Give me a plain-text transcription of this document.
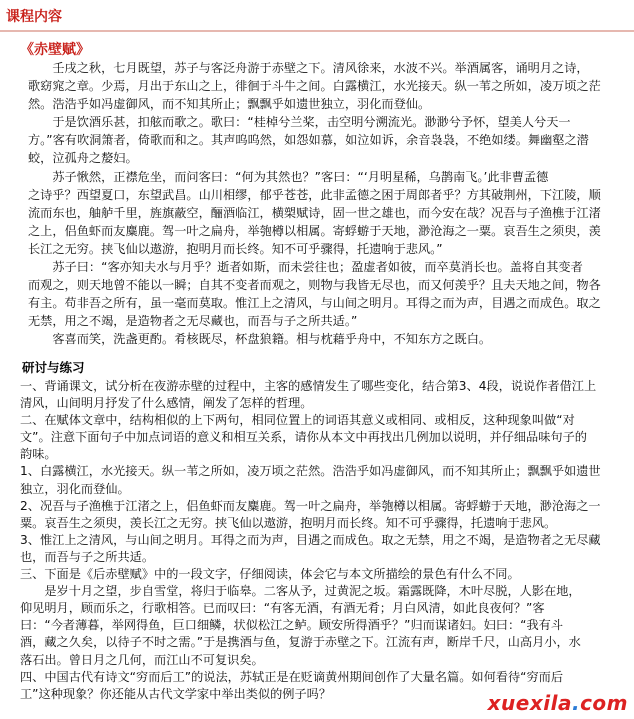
课程内容
《赤壁赋》

　　壬戌之秋，七月既望，苏子与客泛舟游于赤壁之下。清风徐来，水波不兴。举酒属客，诵明月之诗，

歌窈窕之章。少焉，月出于东山之上，徘徊于斗牛之间。白露横江，水光接天。纵一苇之所如，凌万顷之茫

然。浩浩乎如冯虚御风，而不知其所止；飘飘乎如遗世独立，羽化而登仙。

　　于是饮酒乐甚，扣舷而歌之。歌曰：“桂棹兮兰桨，击空明兮溯流光。渺渺兮予怀，望美人兮天一

方。”客有吹洞箫者，倚歌而和之。其声呜呜然，如怨如慕，如泣如诉，余音袅袅，不绝如缕。舞幽壑之潜

蛟，泣孤舟之嫠妇。

　　苏子愀然，正襟危坐，而问客曰：“何为其然也？”客曰：“‘月明星稀，乌鹊南飞。’此非曹孟德

之诗乎？西望夏口，东望武昌。山川相缪，郁乎苍苍，此非孟德之困于周郎者乎？方其破荆州，下江陵，顺

流而东也，舳舻千里，旌旗蔽空，酾酒临江，横槊赋诗，固一世之雄也，而今安在哉？况吾与子渔樵于江渚

之上，侣鱼虾而友麋鹿。驾一叶之扁舟，举匏樽以相属。寄蜉蝣于天地，渺沧海之一粟。哀吾生之须臾，羡

长江之无穷。挟飞仙以遨游，抱明月而长终。知不可乎骤得，托遗响于悲风。”

　　苏子曰：“客亦知夫水与月乎？逝者如斯，而未尝往也；盈虚者如彼，而卒莫消长也。盖将自其变者

而观之，则天地曾不能以一瞬；自其不变者而观之，则物与我皆无尽也，而又何羡乎？且夫天地之间，物各

有主。苟非吾之所有，虽一毫而莫取。惟江上之清风，与山间之明月。耳得之而为声，目遇之而成色。取之

无禁，用之不竭，是造物者之无尽藏也，而吾与子之所共适。”

　　客喜而笑，洗盏更酌。肴核既尽，杯盘狼籍。相与枕藉乎舟中，不知东方之既白。

研讨与练习

一、背诵课文，试分析在夜游赤壁的过程中，主客的感情发生了哪些变化，结合第3、4段，说说作者借江上

清风，山间明月抒发了什么感情，阐发了怎样的哲理。

二、在赋体文章中，结构相似的上下两句，相同位置上的词语其意义或相同、或相反，这种现象叫做“对

文”。注意下面句子中加点词语的意义和相互关系，请你从本文中再找出几例加以说明，并仔细品味句子的

韵味。

1、白露横江，水光接天。纵一苇之所如，凌万顷之茫然。浩浩乎如冯虚御风，而不知其所止；飘飘乎如遗世

独立，羽化而登仙。

2、况吾与子渔樵于江渚之上，侣鱼虾而友麋鹿。驾一叶之扁舟，举匏樽以相属。寄蜉蝣于天地，渺沧海之一

粟。哀吾生之须臾，羡长江之无穷。挟飞仙以遨游，抱明月而长终。知不可乎骤得，托遗响于悲风。

3、惟江上之清风，与山间之明月。耳得之而为声，目遇之而成色。取之无禁，用之不竭，是造物者之无尽藏

也，而吾与子之所共适。

三、下面是《后赤壁赋》中的一段文字，仔细阅读，体会它与本文所描绘的景色有什么不同。

　　是岁十月之望，步自雪堂，将归于临皋。二客从予，过黄泥之坂。霜露既降，木叶尽脱，人影在地，

仰见明月，顾而乐之，行歌相答。已而叹曰：“有客无酒，有酒无肴；月白风清，如此良夜何？”客

曰：“今者薄暮，举网得鱼，巨口细鳞，状似松江之鲈。顾安所得酒乎？”归而谋诸妇。妇曰：“我有斗

酒，藏之久矣，以待子不时之需。”于是携酒与鱼，复游于赤壁之下。江流有声，断岸千尺，山高月小，水

落石出。曾日月之几何，而江山不可复识矣。

四、中国古代有诗文“穷而后工”的说法，苏轼正是在贬谪黄州期间创作了大量名篇。如何看待“穷而后

工”这种现象？你还能从古代文学家中举出类似的例子吗？	xuexila.com
